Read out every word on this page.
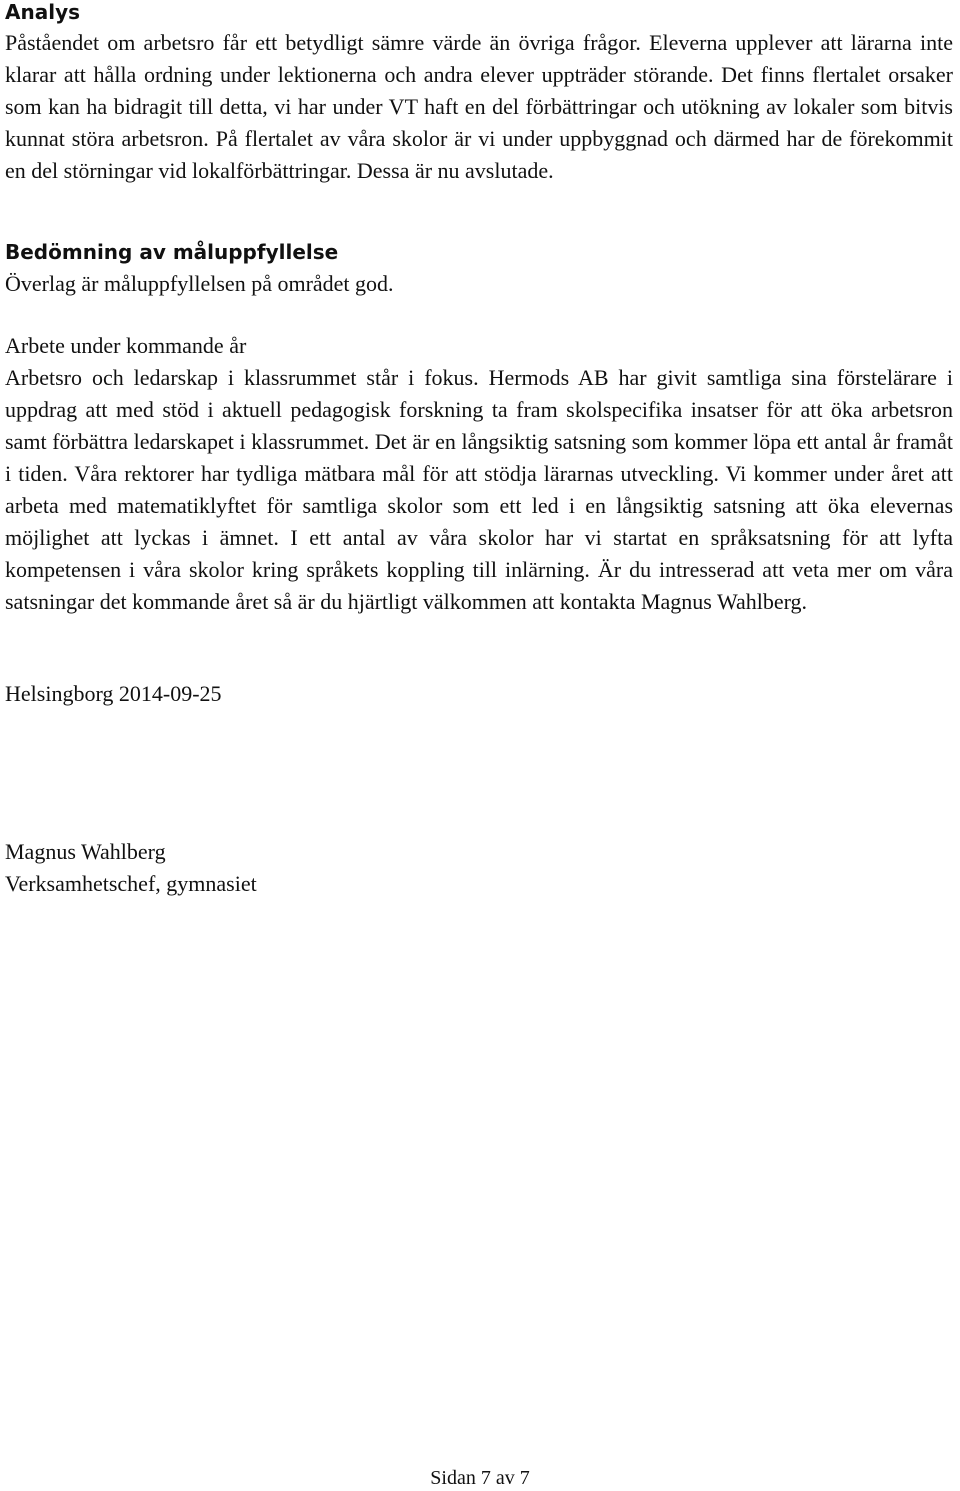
Analys

Påståendet om arbetsro får ett betydligt sämre värde än övriga frågor. Eleverna upplever att lärarna inte klarar att hålla ordning under lektionerna och andra elever uppträder störande. Det finns flertalet orsaker som kan ha bidragit till detta, vi har under VT haft en del förbättringar och utökning av lokaler som bitvis kunnat störa arbetsron. På flertalet av våra skolor är vi under uppbyggnad och därmed har de förekommit en del störningar vid lokalförbättringar. Dessa är nu avslutade.

Bedömning av måluppfyllelse

Överlag är måluppfyllelsen på området god.

Arbete under kommande år

Arbetsro och ledarskap i klassrummet står i fokus. Hermods AB har givit samtliga sina förstelärare i uppdrag att med stöd i aktuell pedagogisk forskning ta fram skolspecifika insatser för att öka arbetsron samt förbättra ledarskapet i klassrummet. Det är en långsiktig satsning som kommer löpa ett antal år framåt i tiden. Våra rektorer har tydliga mätbara mål för att stödja lärarnas utveckling. Vi kommer under året att arbeta med matematiklyftet för samtliga skolor som ett led i en långsiktig satsning att öka elevernas möjlighet att lyckas i ämnet. I ett antal av våra skolor har vi startat en språksatsning för att lyfta kompetensen i våra skolor kring språkets koppling till inlärning. Är du intresserad att veta mer om våra satsningar det kommande året så är du hjärtligt välkommen att kontakta Magnus Wahlberg.

Helsingborg 2014-09-25

Magnus Wahlberg

Verksamhetschef, gymnasiet

Sidan 7 av 7
